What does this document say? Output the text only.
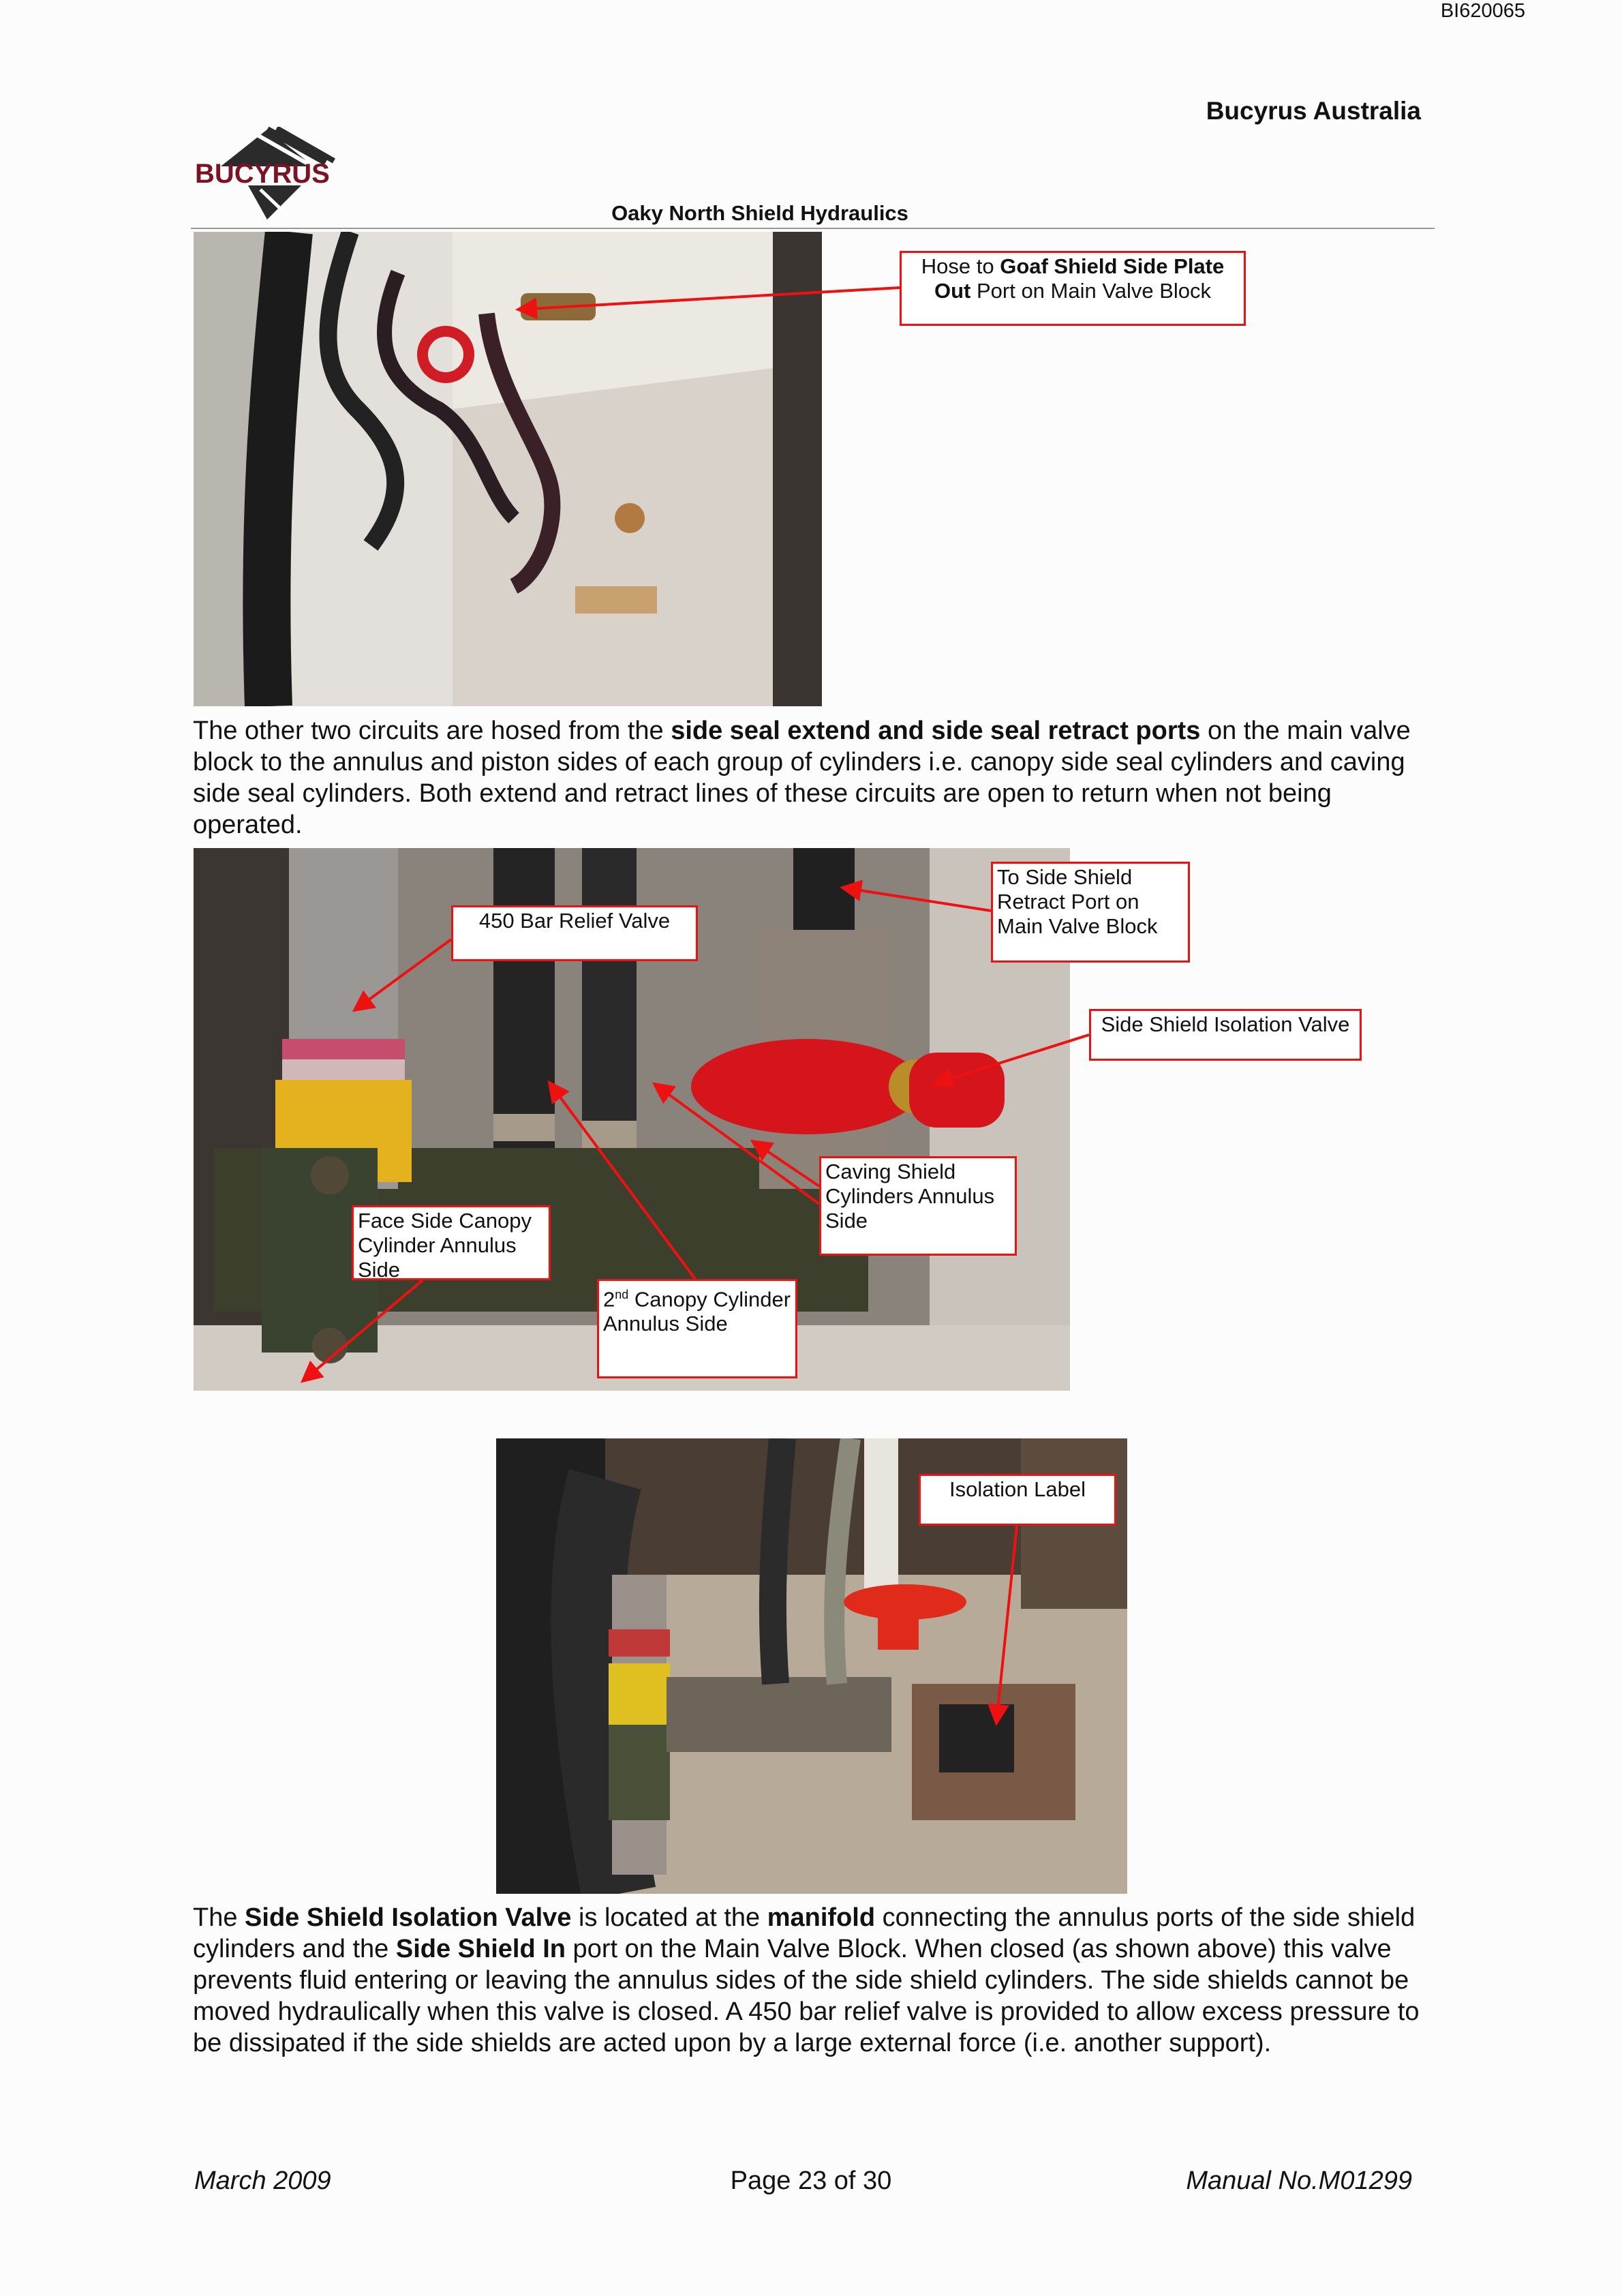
BI620065
Bucyrus Australia
BUCYRUS
Oaky North Shield Hydraulics
Hose to Goaf Shield Side Plate
Out Port on Main Valve Block
The other two circuits are hosed from the side seal extend and side seal retract ports on the main valve block to the annulus and piston sides of each group of cylinders i.e. canopy side seal cylinders and caving side seal cylinders. Both extend and retract lines of these circuits are open to return when not being operated.
450 Bar Relief Valve
To Side Shield Retract Port on Main Valve Block
Side Shield Isolation Valve
Caving Shield Cylinders Annulus Side
Face Side Canopy Cylinder Annulus Side
2nd Canopy Cylinder Annulus Side
Isolation Label
The Side Shield Isolation Valve is located at the manifold connecting the annulus ports of the side shield cylinders and the Side Shield In port on the Main Valve Block. When closed (as shown above) this valve prevents fluid entering or leaving the annulus sides of the side shield cylinders. The side shields cannot be moved hydraulically when this valve is closed. A 450 bar relief valve is provided to allow excess pressure to be dissipated if the side shields are acted upon by a large external force (i.e. another support).
March 2009	Page 23 of 30	Manual No.M01299
